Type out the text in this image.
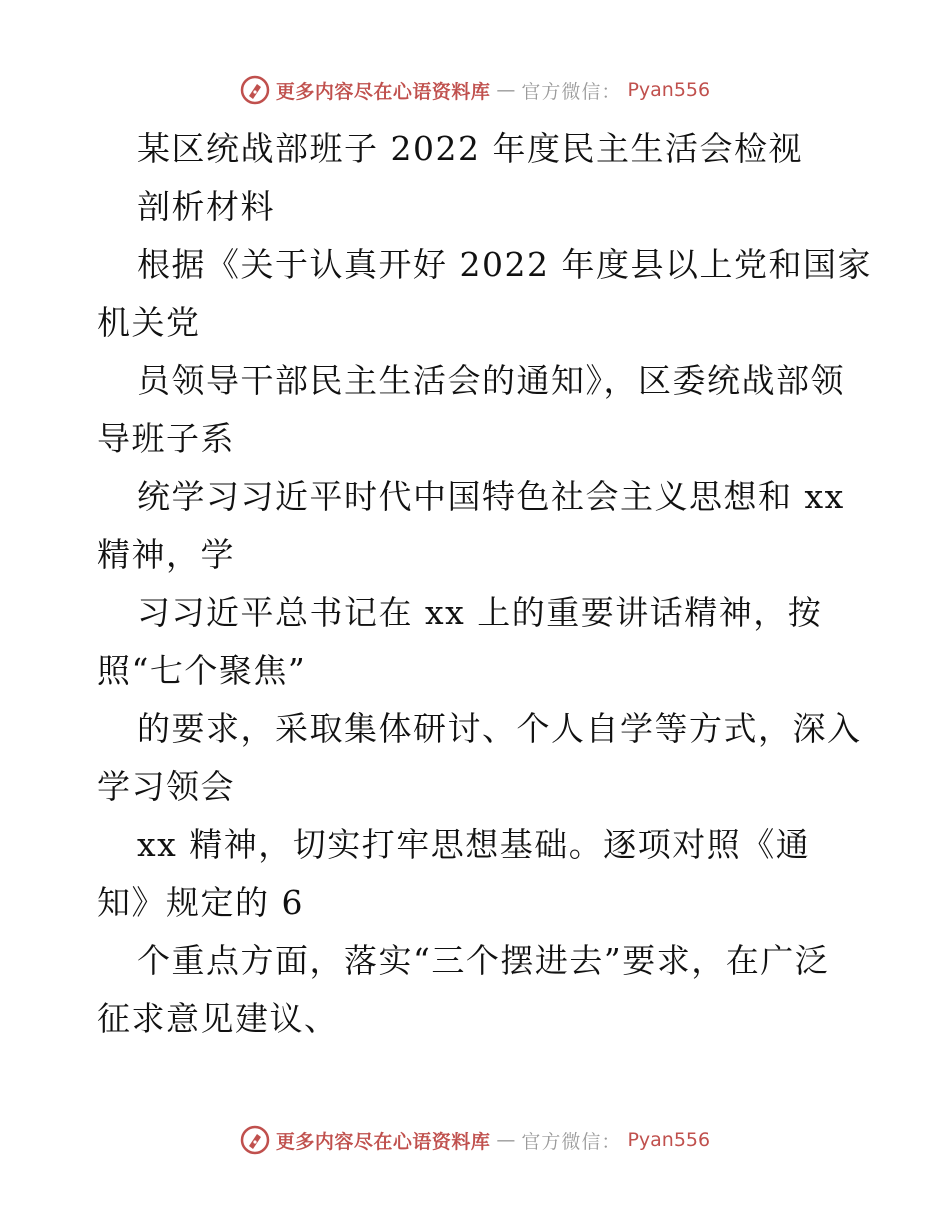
更多内容尽在心语资料库 — 官方微信： Pyan556
某区统战部班子 2022 年度民主生活会检视
剖析材料
根据《关于认真开好 2022 年度县以上党和国家
机关党
员领导干部民主生活会的通知》，区委统战部领
导班子系
统学习习近平时代中国特色社会主义思想和 xx
精神，学
习习近平总书记在 xx 上的重要讲话精神，按
照“七个聚焦”
的要求，采取集体研讨、个人自学等方式，深入
学习领会
xx 精神，切实打牢思想基础。逐项对照《通
知》规定的 6
个重点方面，落实“三个摆进去”要求，在广泛
征求意见建议、
更多内容尽在心语资料库 — 官方微信： Pyan556
